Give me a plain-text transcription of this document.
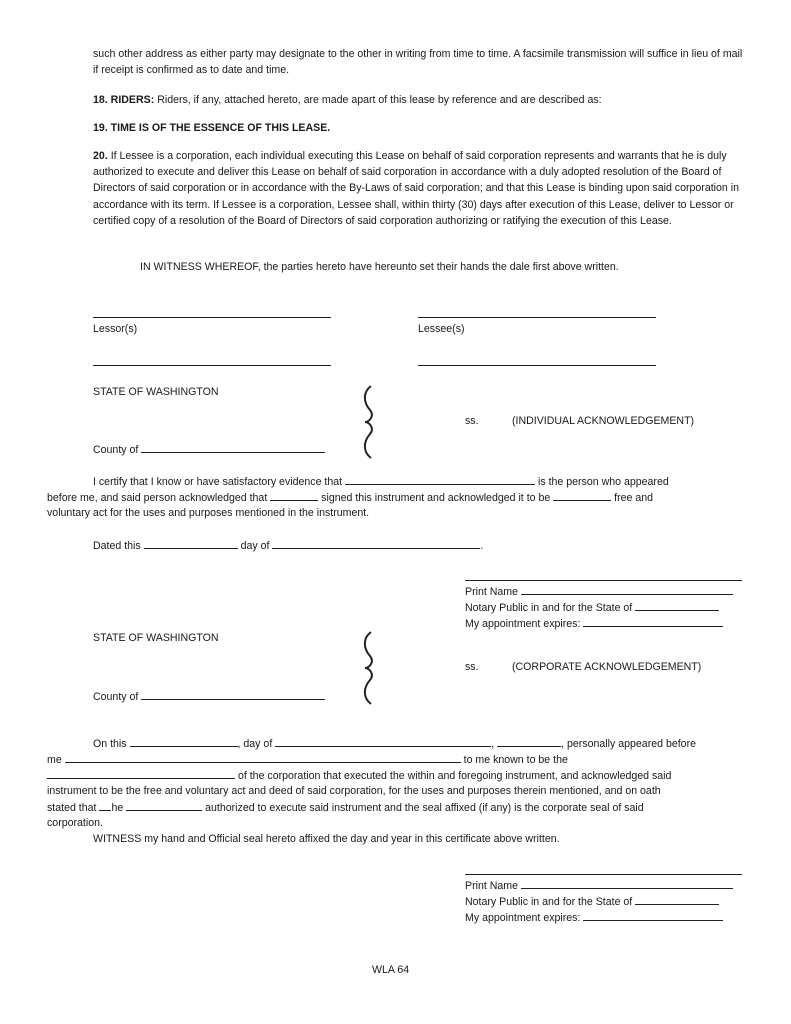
such other address as either party may designate to the other in writing from time to time. A facsimile transmission will suffice in lieu of mail if receipt is confirmed as to date and time.

18. RIDERS: Riders, if any, attached hereto, are made apart of this lease by reference and are described as:

19. TIME IS OF THE ESSENCE OF THIS LEASE.

20. If Lessee is a corporation, each individual executing this Lease on behalf of said corporation represents and warrants that he is duly authorized to execute and deliver this Lease on behalf of said corporation in accordance with a duly adopted resolution of the Board of Directors of said corporation or in accordance with the By-Laws of said corporation; and that this Lease is binding upon said corporation in accordance with its term. If Lessee is a corporation, Lessee shall, within thirty (30) days after execution of this Lease, deliver to Lessor or certified copy of a resolution of the Board of Directors of said corporation authorizing or ratifying the execution of this Lease.

IN WITNESS WHEREOF, the parties hereto have hereunto set their hands the dale first above written.
Lessor(s)	Lessee(s)
STATE OF WASHINGTON
ss.	(INDIVIDUAL ACKNOWLEDGEMENT)
County of
I certify that I know or have satisfactory evidence that	is the person who appeared
before me, and said person acknowledged that	signed this instrument and acknowledged it to be	free and
voluntary act for the uses and purposes mentioned in the instrument.
Dated this	day of	.
Print Name
Notary Public in and for the State of
My appointment expires:
STATE OF WASHINGTON
ss.	(CORPORATE ACKNOWLEDGEMENT)
County of
On this	, day of	,	, personally appeared before
me	to me known to be the
of the corporation that executed the within and foregoing instrument, and acknowledged said
instrument to be the free and voluntary act and deed of said corporation, for the uses and purposes therein mentioned, and on oath
stated that he	authorized to execute said instrument and the seal affixed (if any) is the corporate seal of said
corporation.
WITNESS my hand and Official seal hereto affixed the day and year in this certificate above written.
Print Name
Notary Public in and for the State of
My appointment expires:
WLA 64
